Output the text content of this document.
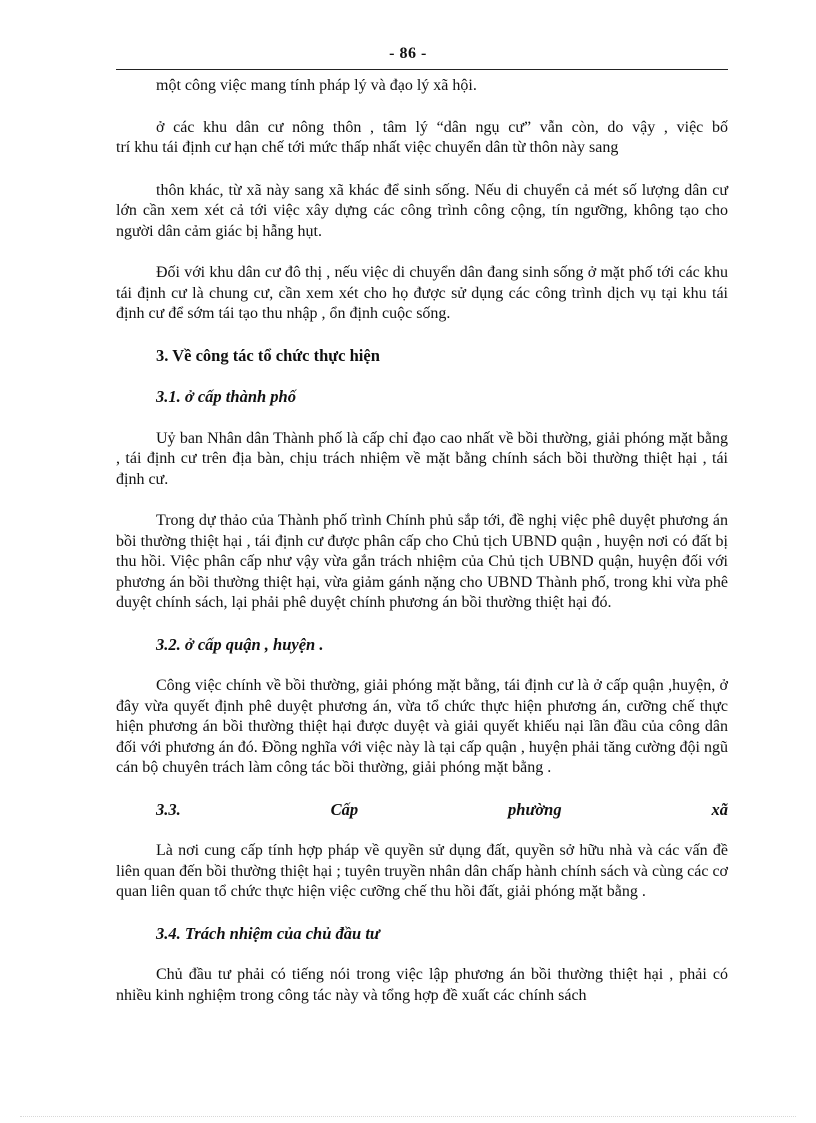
- 86 -

một công việc mang tính pháp lý và đạo lý xã hội.

ở các khu dân cư nông thôn , tâm lý “dân ngụ cư” vẫn còn, do vậy , việc bố

trí khu tái định cư hạn chế tới mức thấp nhất việc chuyển dân từ thôn này sang

thôn khác, từ xã này sang xã khác để sinh sống. Nếu di chuyển cả mét số lượng dân cư lớn cần xem xét cả tới việc xây dựng các công trình công cộng, tín ngưỡng, không tạo cho người dân cảm giác bị hẫng hụt.

Đối với khu dân cư đô thị , nếu việc di chuyển dân đang sinh sống ở mặt phố tới các khu tái định cư là chung cư, cần xem xét cho họ được sử dụng các công trình dịch vụ tại khu tái định cư để sớm tái tạo thu nhập , ổn định cuộc sống.

3. Về công tác tổ chức thực hiện

3.1. ở cấp thành phố

Uỷ ban Nhân dân Thành phố là cấp chỉ đạo cao nhất về bồi thường, giải phóng mặt bằng , tái định cư trên địa bàn, chịu trách nhiệm về mặt bằng chính sách bồi thường thiệt hại , tái định cư.

Trong dự thảo của Thành phố trình Chính phủ sắp tới, đề nghị việc phê duyệt phương án bồi thường thiệt hại , tái định cư được phân cấp cho Chủ tịch UBND quận , huyện nơi có đất bị thu hồi. Việc phân cấp như vậy vừa gắn trách nhiệm của Chủ tịch UBND quận, huyện đối với phương án bồi thường thiệt hại, vừa giảm gánh nặng cho UBND Thành phố, trong khi vừa phê duyệt chính sách, lại phải phê duyệt chính phương án bồi thường thiệt hại đó.

3.2. ở cấp quận , huyện .

Công việc chính về bồi thường, giải phóng mặt bằng, tái định cư là ở cấp quận ,huyện, ở đây vừa quyết định phê duyệt phương án, vừa tổ chức thực hiện phương án, cưỡng chế thực hiện phương án bồi thường thiệt hại được duyệt và giải quyết khiếu nại lần đầu của công dân đối với phương án đó. Đồng nghĩa với việc này là tại cấp quận , huyện phải tăng cường đội ngũ cán bộ chuyên trách làm công tác bồi thường, giải phóng mặt bằng .

3.3.	Cấp	phường	xã

Là nơi cung cấp tính hợp pháp về quyền sử dụng đất, quyền sở hữu nhà và các vấn đề liên quan đến bồi thường thiệt hại ; tuyên truyền nhân dân chấp hành chính sách và cùng các cơ quan liên quan tổ chức thực hiện việc cưỡng chế thu hồi đất, giải phóng mặt bằng .

3.4. Trách nhiệm của chủ đầu tư

Chủ đầu tư phải có tiếng nói trong việc lập phương án bồi thường thiệt hại , phải có nhiều kinh nghiệm trong công tác này và tổng hợp đề xuất các chính sách
